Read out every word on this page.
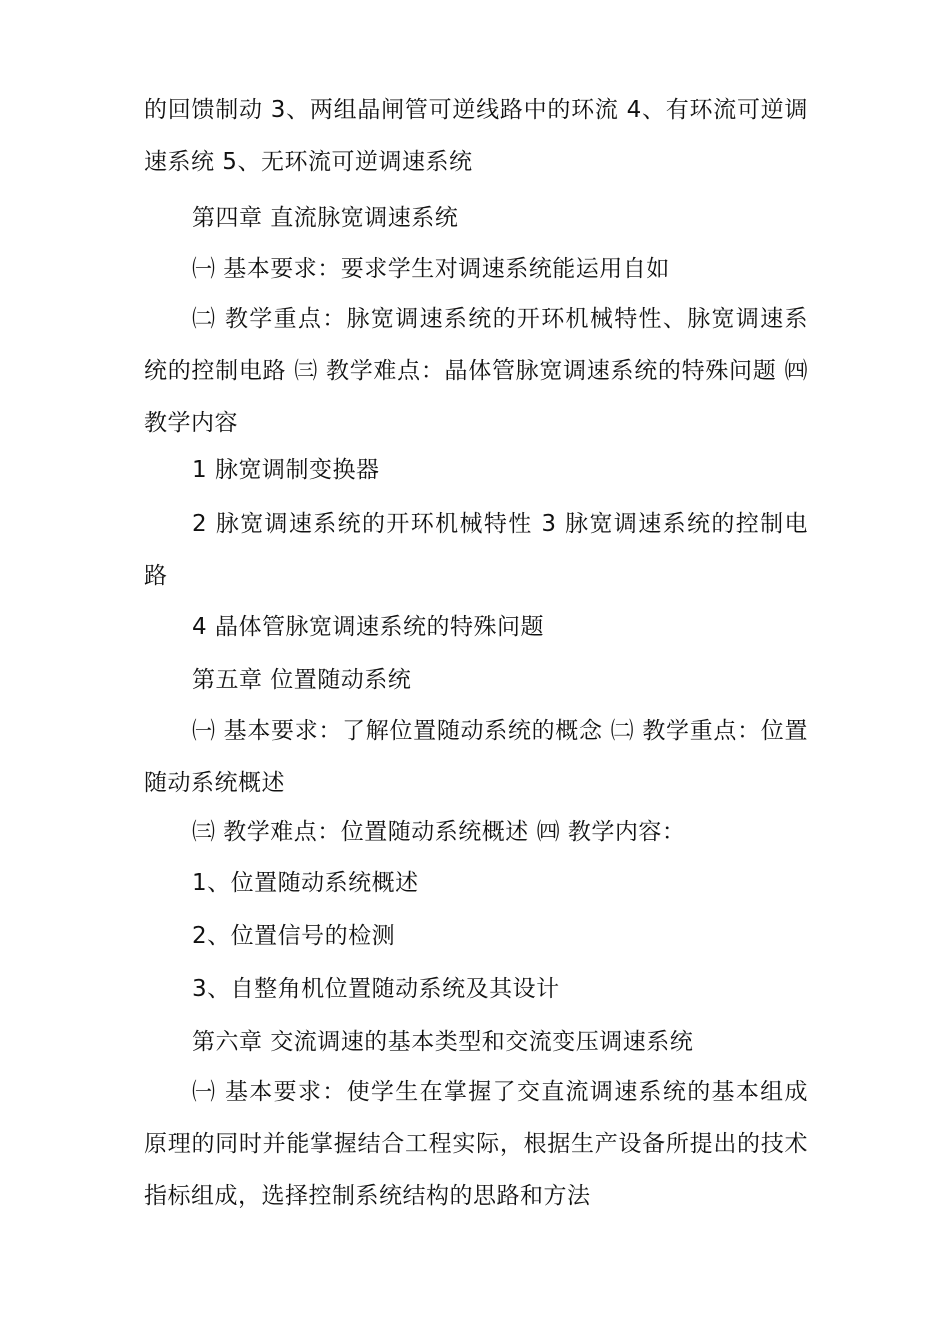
的回馈制动 3、两组晶闸管可逆线路中的环流 4、有环流可逆调速系统 5、无环流可逆调速系统
第四章 直流脉宽调速系统
㈠ 基本要求：要求学生对调速系统能运用自如
㈡ 教学重点：脉宽调速系统的开环机械特性、脉宽调速系统的控制电路 ㈢ 教学难点：晶体管脉宽调速系统的特殊问题 ㈣ 教学内容
1 脉宽调制变换器
2 脉宽调速系统的开环机械特性 3 脉宽调速系统的控制电路
4 晶体管脉宽调速系统的特殊问题
第五章 位置随动系统
㈠ 基本要求：了解位置随动系统的概念 ㈡ 教学重点：位置随动系统概述
㈢ 教学难点：位置随动系统概述 ㈣ 教学内容：
1、位置随动系统概述
2、位置信号的检测
3、自整角机位置随动系统及其设计
第六章 交流调速的基本类型和交流变压调速系统
㈠ 基本要求：使学生在掌握了交直流调速系统的基本组成原理的同时并能掌握结合工程实际，根据生产设备所提出的技术指标组成，选择控制系统结构的思路和方法
